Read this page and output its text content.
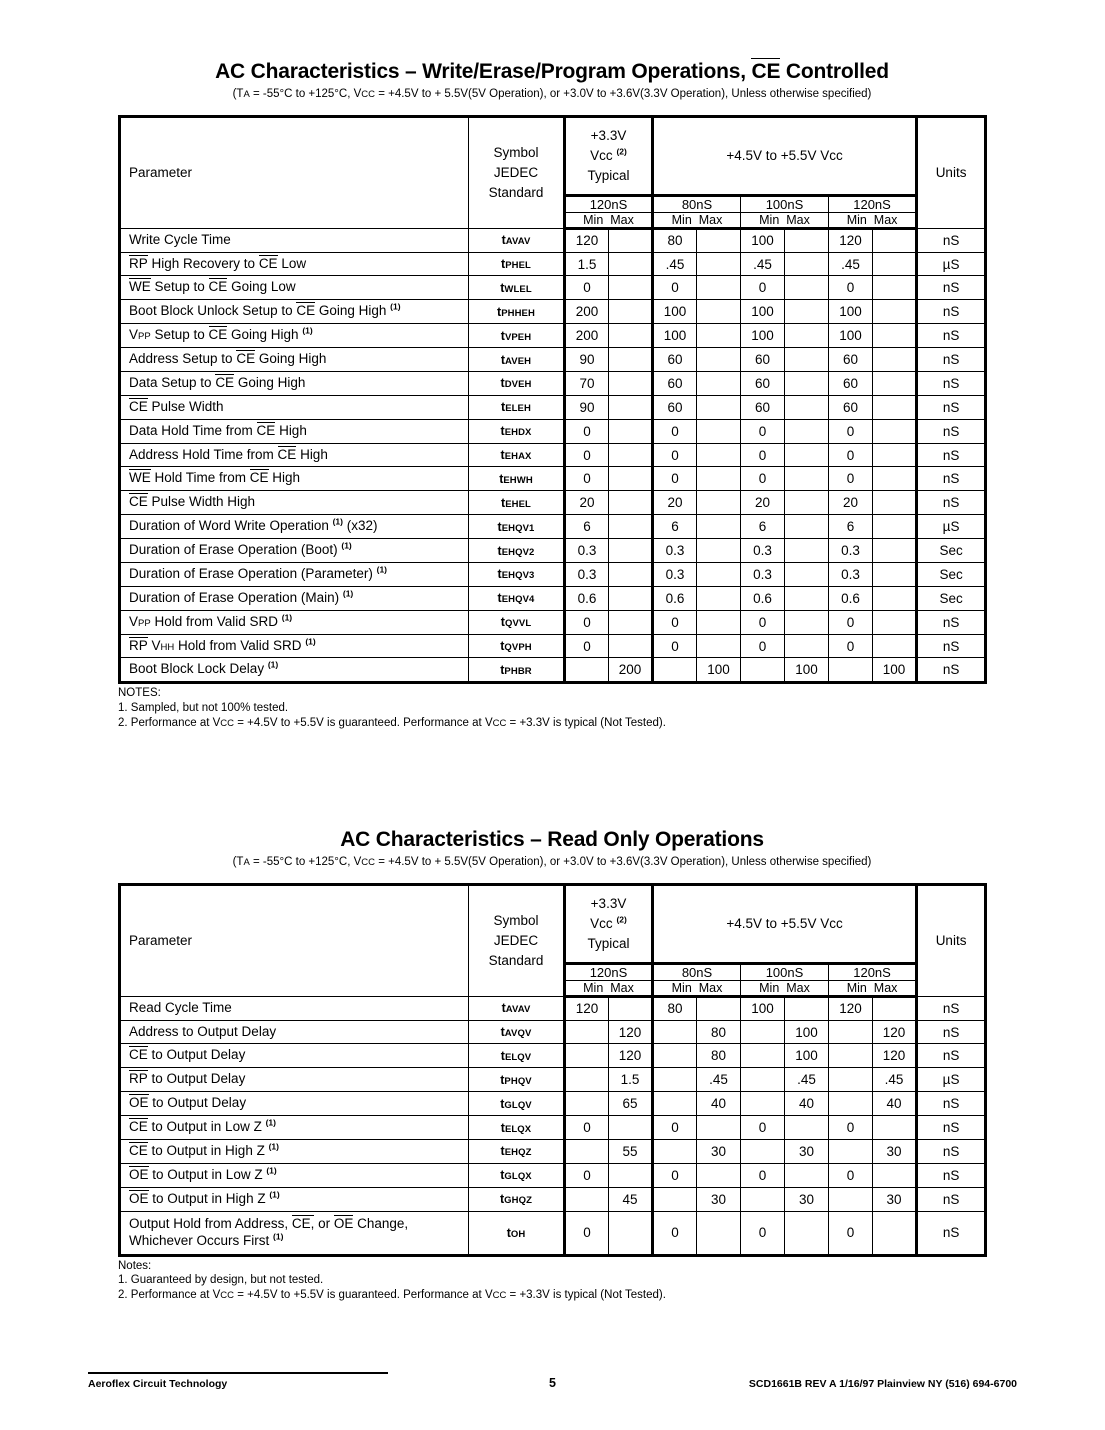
AC Characteristics – Write/Erase/Program Operations, CE Controlled
(TA = -55°C to +125°C, VCC = +4.5V to + 5.5V(5V Operation), or +3.0V to +3.6V(3.3V Operation), Unless otherwise specified)
Parameter	Symbol
JEDEC
Standard	+3.3V
Vcc $^{(2)}$
Typical		+4.5V to +5.5V Vcc						Units
		120nS		80nS		100nS		120nS		
		Min  Max		Min  Max		Min  Max		Min  Max		
Write Cycle Time	tAVAV	120		80		100		120		nS
RP High Recovery to CE Low	tPHEL	1.5		.45		.45		.45		µS
WE Setup to CE Going Low	tWLEL	0		0		0		0		nS
Boot Block Unlock Setup to CE Going High $^{(1)}$	tPHHEH	200		100		100		100		nS
VPP Setup to CE Going High $^{(1)}$	tVPEH	200		100		100		100		nS
Address Setup to CE Going High	tAVEH	90		60		60		60		nS
Data Setup to CE Going High	tDVEH	70		60		60		60		nS
CE Pulse Width	tELEH	90		60		60		60		nS
Data Hold Time from CE High	tEHDX	0		0		0		0		nS
Address Hold Time from CE High	tEHAX	0		0		0		0		nS
WE Hold Time from CE High	tEHWH	0		0		0		0		nS
CE Pulse Width High	tEHEL	20		20		20		20		nS
Duration of Word Write Operation $^{(1)}$ (x32)	tEHQV1	6		6		6		6		µS
Duration of Erase Operation (Boot) $^{(1)}$	tEHQV2	0.3		0.3		0.3		0.3		Sec
Duration of Erase Operation (Parameter) $^{(1)}$	tEHQV3	0.3		0.3		0.3		0.3		Sec
Duration of Erase Operation (Main) $^{(1)}$	tEHQV4	0.6		0.6		0.6		0.6		Sec
VPP Hold from Valid SRD $^{(1)}$	tQVVL	0		0		0		0		nS
RP VHH Hold from Valid SRD $^{(1)}$	tQVPH	0		0		0		0		nS
Boot Block Lock Delay $^{(1)}$	tPHBR		200		100		100		100	nS
NOTES:
1. Sampled, but not 100% tested.
2. Performance at VCC = +4.5V to +5.5V is guaranteed. Performance at VCC = +3.3V is typical (Not Tested).
AC Characteristics – Read Only Operations
(TA = -55°C to +125°C, VCC = +4.5V to + 5.5V(5V Operation), or +3.0V to +3.6V(3.3V Operation), Unless otherwise specified)
Parameter	Symbol
JEDEC
Standard	+3.3V
Vcc $^{(2)}$
Typical		+4.5V to +5.5V Vcc						Units
		120nS		80nS		100nS		120nS		
		Min  Max		Min  Max		Min  Max		Min  Max		
Read Cycle Time	tAVAV	120		80		100		120		nS
Address to Output Delay	tAVQV		120		80		100		120	nS
CE to Output Delay	tELQV		120		80		100		120	nS
RP to Output Delay	tPHQV		1.5		.45		.45		.45	µS
OE to Output Delay	tGLQV		65		40		40		40	nS
CE to Output in Low Z $^{(1)}$	tELQX	0		0		0		0		nS
CE to Output in High Z $^{(1)}$	tEHQZ		55		30		30		30	nS
OE to Output in Low Z $^{(1)}$	tGLQX	0		0		0		0		nS
OE to Output in High Z $^{(1)}$	tGHQZ		45		30		30		30	nS
Output Hold from Address, CE, or OE Change,
Whichever Occurs First $^{(1)}$	tOH	0		0		0		0		nS
Notes:
1. Guaranteed by design, but not tested.
2. Performance at VCC = +4.5V to +5.5V is guaranteed. Performance at VCC = +3.3V is typical (Not Tested).
Aeroflex Circuit Technology	5	SCD1661B REV A 1/16/97 Plainview NY (516) 694-6700
